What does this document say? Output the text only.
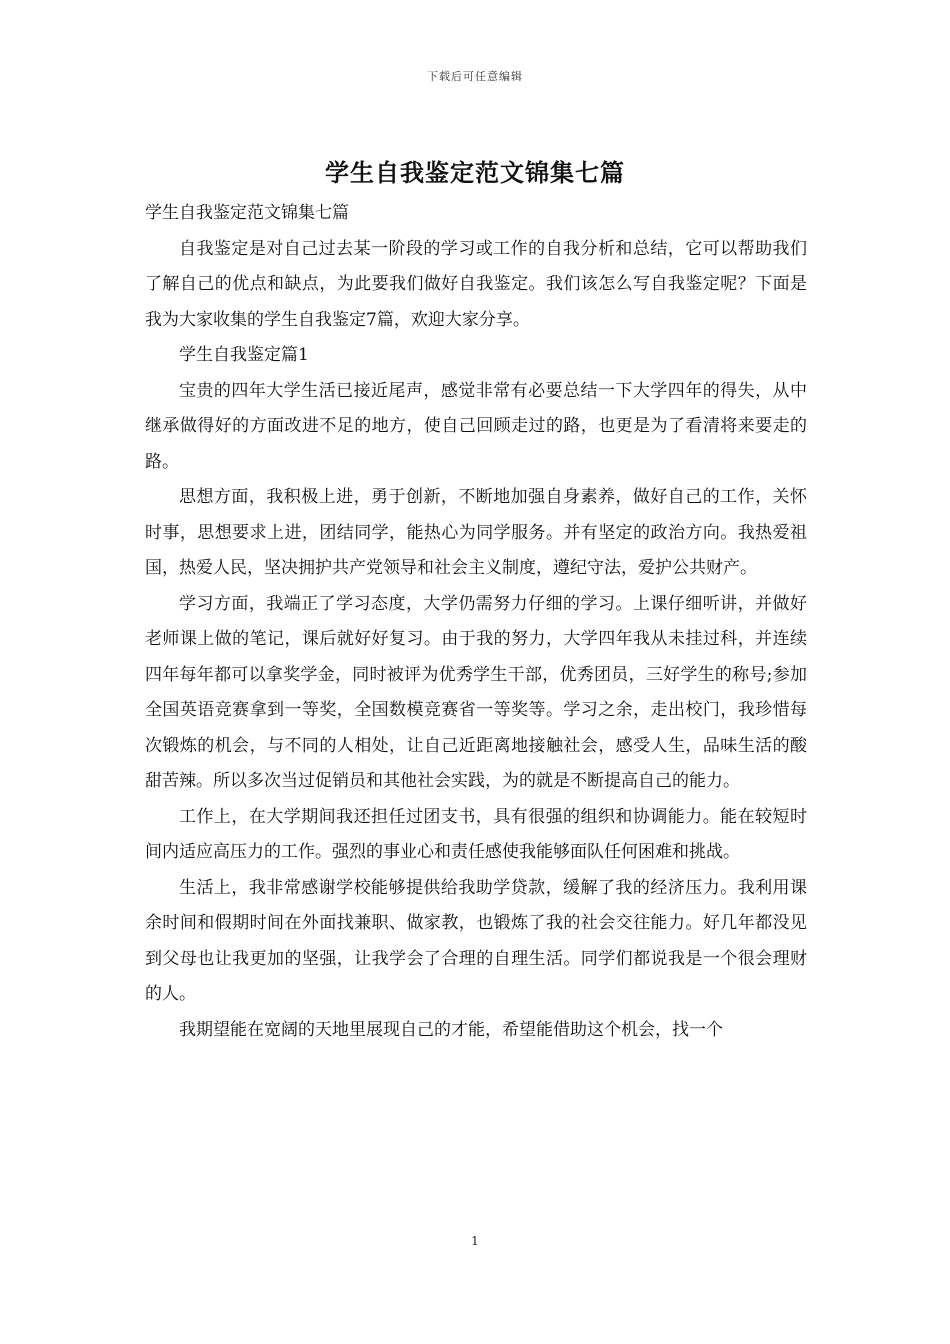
下载后可任意编辑
学生自我鉴定范文锦集七篇

学生自我鉴定范文锦集七篇

自我鉴定是对自己过去某一阶段的学习或工作的自我分析和总结，它可以帮助我们了解自己的优点和缺点，为此要我们做好自我鉴定。我们该怎么写自我鉴定呢？下面是我为大家收集的学生自我鉴定7篇，欢迎大家分享。

学生自我鉴定篇1

宝贵的四年大学生活已接近尾声，感觉非常有必要总结一下大学四年的得失，从中继承做得好的方面改进不足的地方，使自己回顾走过的路，也更是为了看清将来要走的路。

思想方面，我积极上进，勇于创新，不断地加强自身素养，做好自己的工作，关怀时事，思想要求上进，团结同学，能热心为同学服务。并有坚定的政治方向。我热爱祖国，热爱人民，坚决拥护共产党领导和社会主义制度，遵纪守法，爱护公共财产。

学习方面，我端正了学习态度，大学仍需努力仔细的学习。上课仔细听讲，并做好老师课上做的笔记，课后就好好复习。由于我的努力，大学四年我从未挂过科，并连续四年每年都可以拿奖学金，同时被评为优秀学生干部，优秀团员，三好学生的称号;参加全国英语竞赛拿到一等奖，全国数模竞赛省一等奖等。学习之余，走出校门，我珍惜每次锻炼的机会，与不同的人相处，让自己近距离地接触社会，感受人生，品味生活的酸甜苦辣。所以多次当过促销员和其他社会实践，为的就是不断提高自己的能力。

工作上，在大学期间我还担任过团支书，具有很强的组织和协调能力。能在较短时间内适应高压力的工作。强烈的事业心和责任感使我能够面队任何困难和挑战。

生活上，我非常感谢学校能够提供给我助学贷款，缓解了我的经济压力。我利用课余时间和假期时间在外面找兼职、做家教，也锻炼了我的社会交往能力。好几年都没见到父母也让我更加的坚强，让我学会了合理的自理生活。同学们都说我是一个很会理财的人。

我期望能在宽阔的天地里展现自己的才能，希望能借助这个机会，找一个

1
